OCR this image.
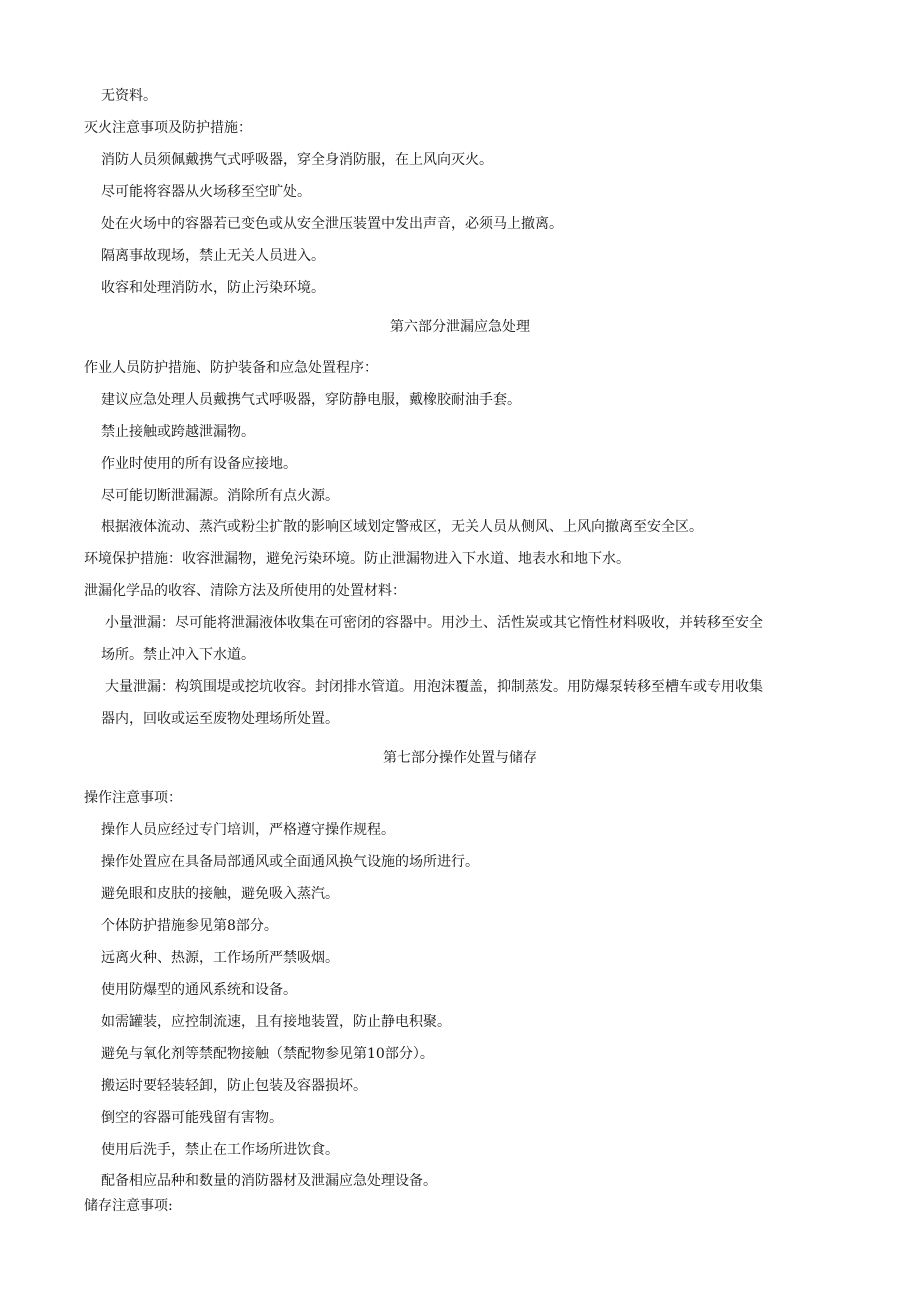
无资料。
灭火注意事项及防护措施：
消防人员须佩戴携气式呼吸器，穿全身消防服，在上风向灭火。
尽可能将容器从火场移至空旷处。
处在火场中的容器若已变色或从安全泄压装置中发出声音，必须马上撤离。
隔离事故现场，禁止无关人员进入。
收容和处理消防水，防止污染环境。
第六部分泄漏应急处理
作业人员防护措施、防护装备和应急处置程序：
建议应急处理人员戴携气式呼吸器，穿防静电服，戴橡胶耐油手套。
禁止接触或跨越泄漏物。
作业时使用的所有设备应接地。
尽可能切断泄漏源。消除所有点火源。
根据液体流动、蒸汽或粉尘扩散的影响区域划定警戒区，无关人员从侧风、上风向撤离至安全区。
环境保护措施：收容泄漏物，避免污染环境。防止泄漏物进入下水道、地表水和地下水。
泄漏化学品的收容、清除方法及所使用的处置材料：
小量泄漏：尽可能将泄漏液体收集在可密闭的容器中。用沙土、活性炭或其它惰性材料吸收，并转移至安全
场所。禁止冲入下水道。
大量泄漏：构筑围堤或挖坑收容。封闭排水管道。用泡沫覆盖，抑制蒸发。用防爆泵转移至槽车或专用收集
器内，回收或运至废物处理场所处置。
第七部分操作处置与储存
操作注意事项：
操作人员应经过专门培训，严格遵守操作规程。
操作处置应在具备局部通风或全面通风换气设施的场所进行。
避免眼和皮肤的接触，避免吸入蒸汽。
个体防护措施参见第8部分。
远离火种、热源，工作场所严禁吸烟。
使用防爆型的通风系统和设备。
如需罐装，应控制流速，且有接地装置，防止静电积聚。
避免与氧化剂等禁配物接触（禁配物参见第10部分）。
搬运时要轻装轻卸，防止包装及容器损坏。
倒空的容器可能残留有害物。
使用后洗手，禁止在工作场所进饮食。
配备相应品种和数量的消防器材及泄漏应急处理设备。
储存注意事项:
